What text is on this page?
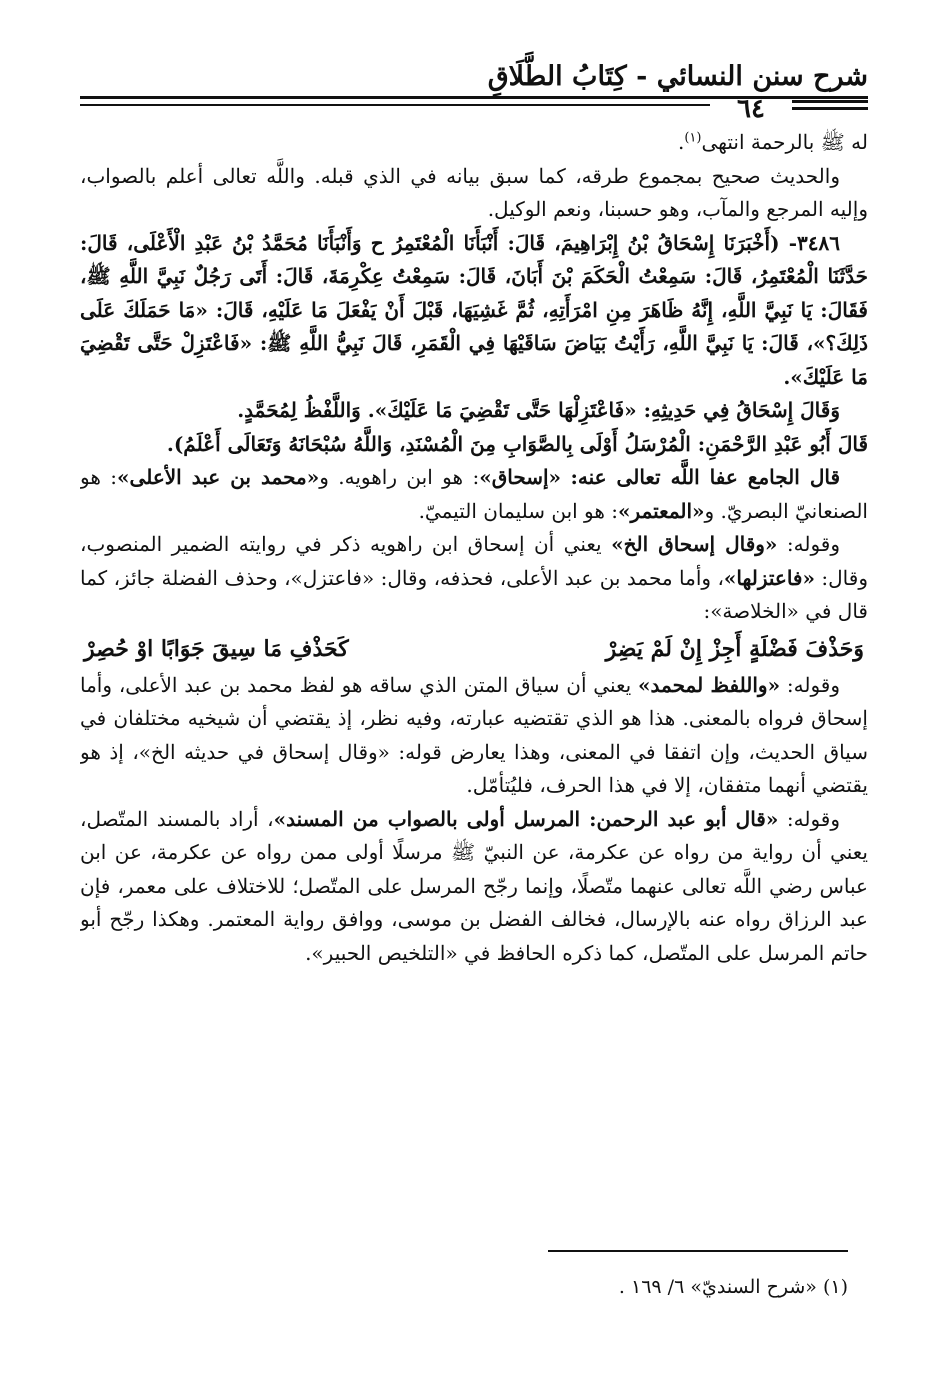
شرح سنن النسائي - كِتَابُ الطَّلَاقِ
٦٤

له ﷺ بالرحمة انتهى$^{(١)}$.

والحديث صحيح بمجموع طرقه، كما سبق بيانه في الذي قبله. واللَّه تعالى أعلم بالصواب، وإليه المرجع والمآب، وهو حسبنا، ونعم الوكيل.

٣٤٨٦- (أَخْبَرَنَا إِسْحَاقُ بْنُ إِبْرَاهِيمَ، قَالَ: أَنْبَأَنَا الْمُعْتَمِرُ ح وَأَنْبَأَنَا مُحَمَّدُ بْنُ عَبْدِ الْأَعْلَى، قَالَ: حَدَّثَنَا الْمُعْتَمِرُ، قَالَ: سَمِعْتُ الْحَكَمَ بْنَ أَبَانَ، قَالَ: سَمِعْتُ عِكْرِمَةَ، قَالَ: أَتَى رَجُلٌ نَبِيَّ اللَّهِ ﷺ، فَقَالَ: يَا نَبِيَّ اللَّهِ، إِنَّهُ ظَاهَرَ مِنِ امْرَأَتِهِ، ثُمَّ غَشِيَهَا، قَبْلَ أَنْ يَفْعَلَ مَا عَلَيْهِ، قَالَ: «مَا حَمَلَكَ عَلَى ذَلِكَ؟»، قَالَ: يَا نَبِيَّ اللَّهِ، رَأَيْتُ بَيَاضَ سَاقَيْهَا فِي الْقَمَرِ، قَالَ نَبِيُّ اللَّهِ ﷺ: «فَاعْتَزِلْ حَتَّى تَقْضِيَ مَا عَلَيْكَ».

وَقَالَ إِسْحَاقُ فِي حَدِيثِهِ: «فَاعْتَزِلْهَا حَتَّى تَقْضِيَ مَا عَلَيْكَ». وَاللَّفْظُ لِمُحَمَّدٍ.

قَالَ أَبُو عَبْدِ الرَّحْمَنِ: الْمُرْسَلُ أَوْلَى بِالصَّوَابِ مِنَ الْمُسْنَدِ، وَاللَّهُ سُبْحَانَهُ وَتَعَالَى أَعْلَمُ).

قال الجامع عفا اللَّه تعالى عنه: «إسحاق»: هو ابن راهويه. و«محمد بن عبد الأعلى»: هو الصنعانيّ البصريّ. و«المعتمر»: هو ابن سليمان التيميّ.

وقوله: «وقال إسحاق الخ» يعني أن إسحاق ابن راهويه ذكر في روايته الضمير المنصوب، وقال: «فاعتزلها»، وأما محمد بن عبد الأعلى، فحذفه، وقال: «فاعتزل»، وحذف الفضلة جائز، كما قال في «الخلاصة»:

وَحَذْفَ فَضْلَةٍ أَجِزْ إِنْ لَمْ يَضِرْ
كَحَذْفِ مَا سِيقَ جَوَابًا اوْ حُصِرْ

وقوله: «واللفظ لمحمد» يعني أن سياق المتن الذي ساقه هو لفظ محمد بن عبد الأعلى، وأما إسحاق فرواه بالمعنى. هذا هو الذي تقتضيه عبارته، وفيه نظر، إذ يقتضي أن شيخيه مختلفان في سياق الحديث، وإن اتفقا في المعنى، وهذا يعارض قوله: «وقال إسحاق في حديثه الخ»، إذ هو يقتضي أنهما متفقان، إلا في هذا الحرف، فليُتأمّل.

وقوله: «قال أبو عبد الرحمن: المرسل أولى بالصواب من المسند»، أراد بالمسند المتّصل، يعني أن رواية من رواه عن عكرمة، عن النبيّ ﷺ مرسلًا أولى ممن رواه عن عكرمة، عن ابن عباس رضي اللَّه تعالى عنهما متّصلًا، وإنما رجّح المرسل على المتّصل؛ للاختلاف على معمر، فإن عبد الرزاق رواه عنه بالإرسال، فخالف الفضل بن موسى، ووافق رواية المعتمر. وهكذا رجّح أبو حاتم المرسل على المتّصل، كما ذكره الحافظ في «التلخيص الحبير».

(١) «شرح السنديّ» ٦/ ١٦٩ .
